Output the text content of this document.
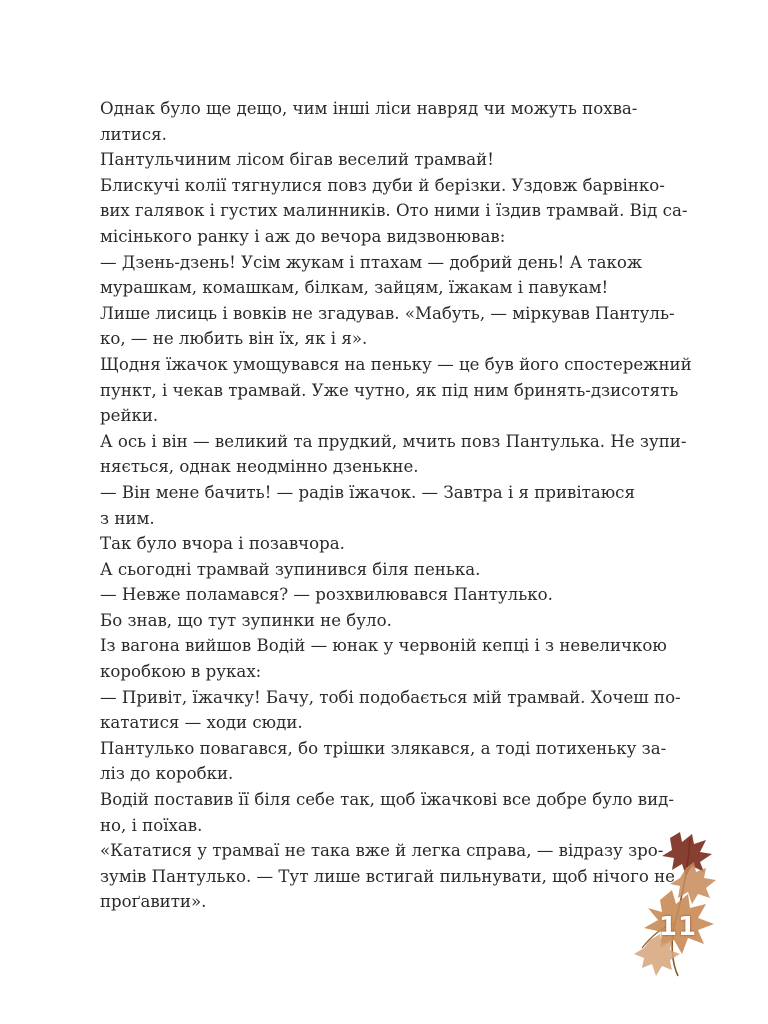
Однак було ще дещо, чим інші ліси навряд чи можуть похва-
литися.
Пантульчиним лісом бігав веселий трамвай!
Блискучі колії тягнулися повз дуби й берізки. Уздовж барвінко-
вих галявок і густих малинників. Ото ними і їздив трамвай. Від са-
місінького ранку і аж до вечора видзвонював:
— Дзень-дзень! Усім жукам і птахам — добрий день! А також
мурашкам, комашкам, білкам, зайцям, їжакам і павукам!
Лише лисиць і вовків не згадував. «Мабуть, — міркував Пантуль-
ко, — не любить він їх, як і я».
Щодня їжачок умощувався на пеньку — це був його спостережний
пункт, і чекав трамвай. Уже чутно, як під ним бринять-дзисотять
рейки.
А ось і він — великий та прудкий, мчить повз Пантулька. Не зупи-
няється, однак неодмінно дзенькне.
— Він мене бачить! — радів їжачок. — Завтра і я привітаюся
з ним.
Так було вчора і позавчора.
А сьогодні трамвай зупинився біля пенька.
— Невже поламався? — розхвилювався Пантулько.
Бо знав, що тут зупинки не було.
Із вагона вийшов Водій — юнак у червоній кепці і з невеличкою
коробкою в руках:
— Привіт, їжачку! Бачу, тобі подобається мій трамвай. Хочеш по-
кататися — ходи сюди.
Пантулько повагався, бо трішки злякався, а тоді потихеньку за-
ліз до коробки.
Водій поставив її біля себе так, щоб їжачкові все добре було вид-
но, і поїхав.
«Кататися у трамваї не така вже й легка справа, — відразу зро-
зумів Пантулько. — Тут лише встигай пильнувати, щоб нічого не
проґавити».
11
